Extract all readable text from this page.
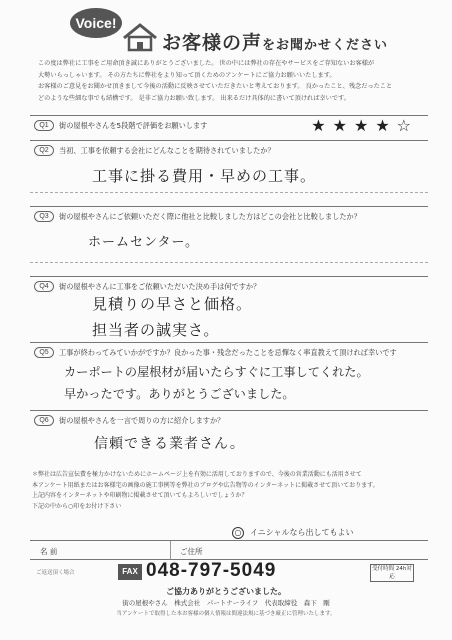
Voice!
お客様の声をお聞かせください

この度は弊社に工事をご用命頂き誠にありがとうございました。 世の中には弊社の存在やサービスをご存知ないお客様が

大勢いらっしゃいます。 その方たちに弊社をより知って頂くためのアンケートにご協力お願いいたします。

お客様のご意見をお聞かせ頂きまして今後の活動に反映させていただきたいと考えております。 良かったこと、残念だったこと

どのような些細な事でも結構です。 是非ご協力お願い致します。 出来るだけ具体的に書いて頂ければ幸いです。

Q1	街の屋根やさんを5段階で評価をお願いします	★★★★☆
Q2	当初、工事を依頼する会社にどんなことを期待されていましたか？
工事に掛る費用・早めの工事。
Q3	街の屋根やさんにご依頼いただく際に他社と比較しました方はどこの会社と比較しましたか？
ホームセンター。
Q4	街の屋根やさんに工事をご依頼いただいた決め手は何ですか？
見積りの早さと価格。
担当者の誠実さ。
Q5	工事が終わってみていかがですか？良かった事・残念だったことを忌憚なく率直教えて頂ければ幸いです
カーポートの屋根材が届いたらすぐに工事してくれた。
早かったです。ありがとうございました。
Q6	街の屋根やさんを一言で周りの方に紹介しますか？
信頼できる業者さん。

＊弊社は広告宣伝費を極力かけないためにホームページ上を有効に活用しておりますので、今後の営業活動にも活用させて

本アンケート用紙またはお客様宅の画像の施工事例等を弊社のブログや広告物等のインターネットに掲載させて頂いております。

上記内容をインターネットや印刷物に掲載させて頂いてもよろしいでしょうか？

下記の中から○印をお付け下さい

○ イニシャルなら出してもよい
名 前	ご住所
ご返送頂く場合	FAX 048-797-5049	受付時間 24h対応
ご協力ありがとうございました。
街の屋根やさん　株式会社　パートナーライフ　代表取締役　森下　剛
当アンケートで取得した本お客様の個人情報は間違法規に基づき厳正に管理いたします。
